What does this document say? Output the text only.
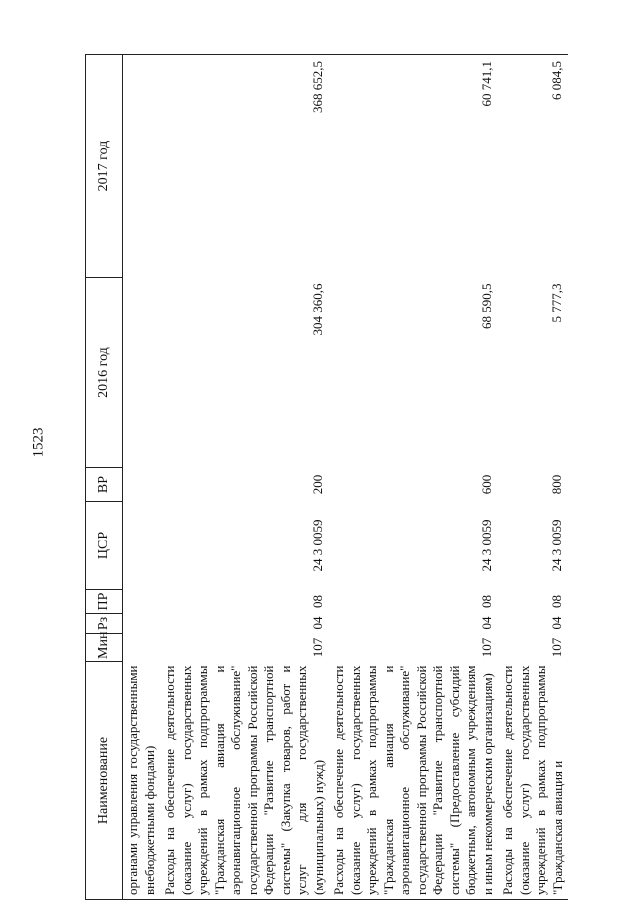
1523
Наименование	Мин	Рз	ПР	ЦСР	ВР	2016 год	2017 год
органами управления государственными внебюджетными фондами)							
Расходы на обеспечение деятельности (оказание услуг) государственных учреждений в рамках подпрограммы "Гражданская авиация и аэронавигационное обслуживание" государственной программы Российской Федерации "Развитие транспортной системы" (Закупка товаров, работ и услуг для государственных (муниципальных) нужд)	107	04	08	24 3 0059	200	304 360,6	368 652,5
Расходы на обеспечение деятельности (оказание услуг) государственных учреждений в рамках подпрограммы "Гражданская авиация и аэронавигационное обслуживание" государственной программы Российской Федерации "Развитие транспортной системы" (Предоставление субсидий бюджетным, автономным учреждениям и иным некоммерческим организациям)	107	04	08	24 3 0059	600	68 590,5	60 741,1
Расходы на обеспечение деятельности (оказание услуг) государственных учреждений в рамках подпрограммы "Гражданская авиация и	107	04	08	24 3 0059	800	5 777,3	6 084,5
